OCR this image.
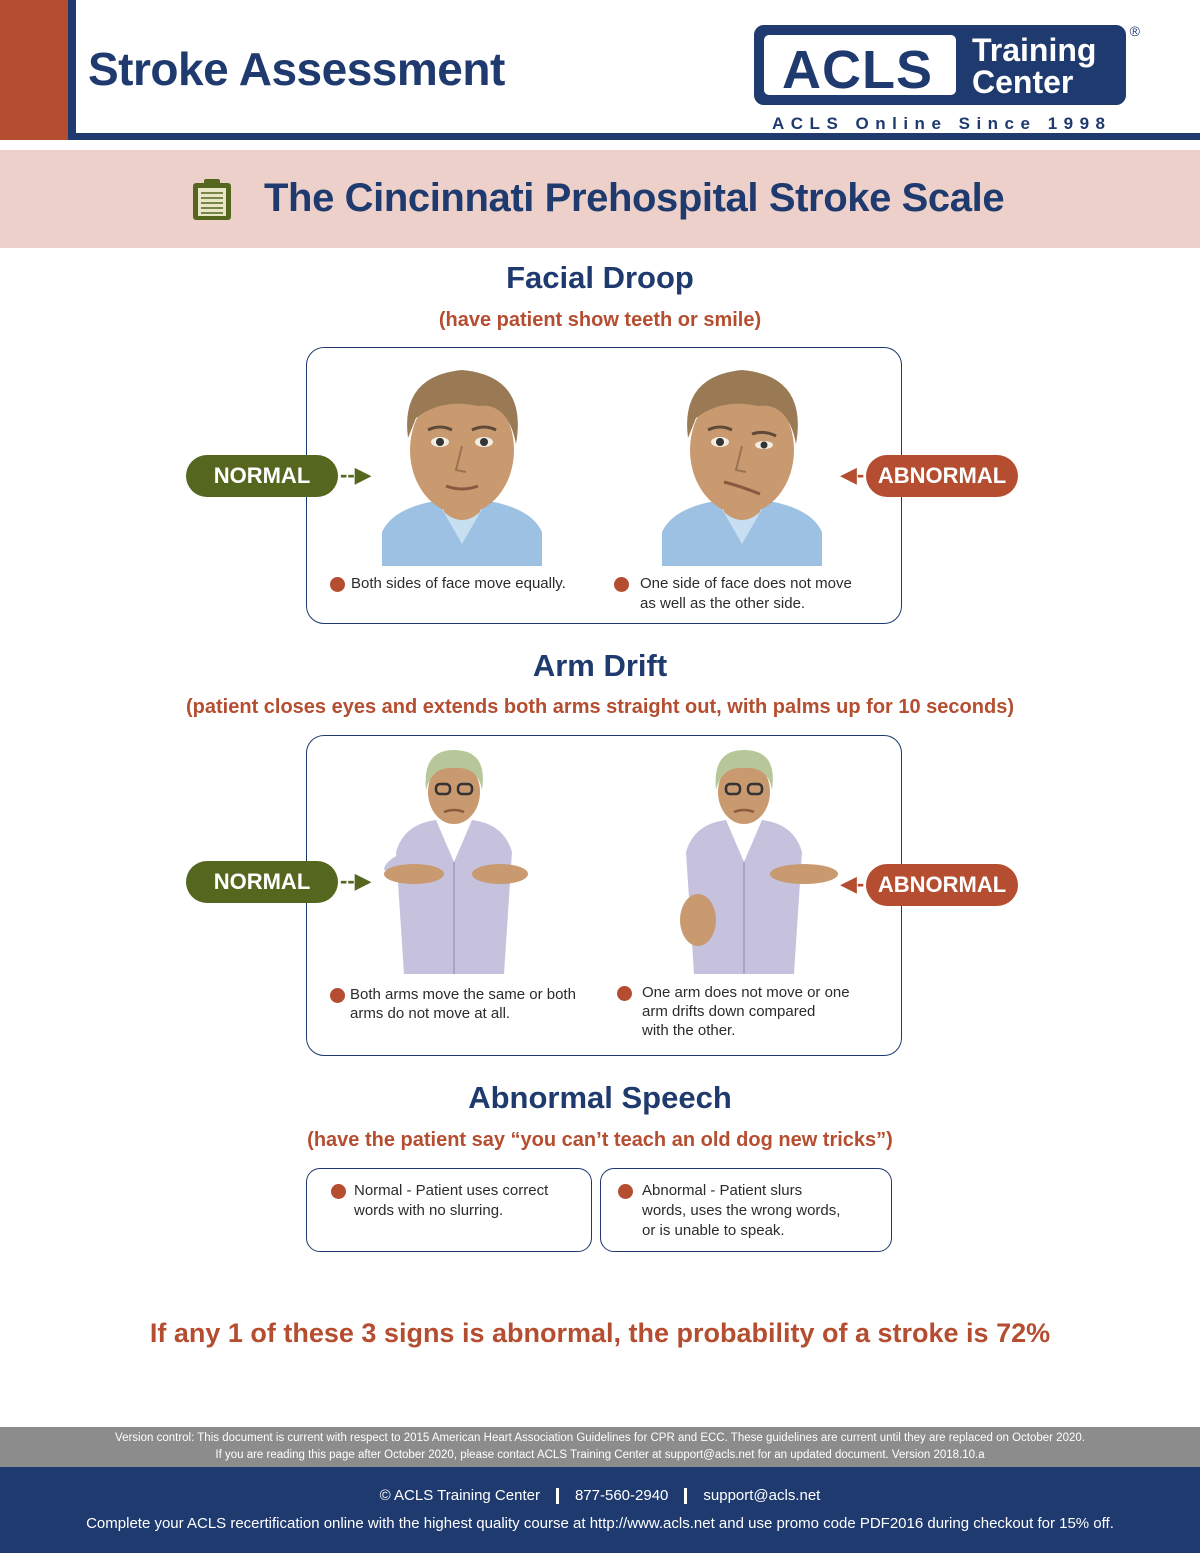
Stroke Assessment	ACLS Training
Center
®
ACLS Online Since 1998
The Cincinnati Prehospital Stroke Scale
Facial Droop
(have patient show teeth or smile)
NORMAL	--▶	ABNORMAL
◀-
Both sides of face move equally.	One side of face does not move
as well as the other side.
Arm Drift
(patient closes eyes and extends both arms straight out, with palms up for 10 seconds)
NORMAL	--▶	ABNORMAL
◀-
Both arms move the same or both
arms do not move at all.
One arm does not move or one
arm drifts down compared
with the other.
Abnormal Speech
(have the patient say “you can’t teach an old dog new tricks”)
Normal - Patient uses correct
words with no slurring.
Abnormal - Patient slurs
words, uses the wrong words,
or is unable to speak.
If any 1 of these 3 signs is abnormal, the probability of a stroke is 72%
Version control: This document is current with respect to 2015 American Heart Association Guidelines for CPR and ECC. These guidelines are current until they are replaced on October 2020.
If you are reading this page after October 2020, please contact ACLS Training Center at support@acls.net for an updated document. Version 2018.10.a
© ACLS Training Center 877-560-2940 support@acls.net
Complete your ACLS recertification online with the highest quality course at http://www.acls.net and use promo code PDF2016 during checkout for 15% off.
